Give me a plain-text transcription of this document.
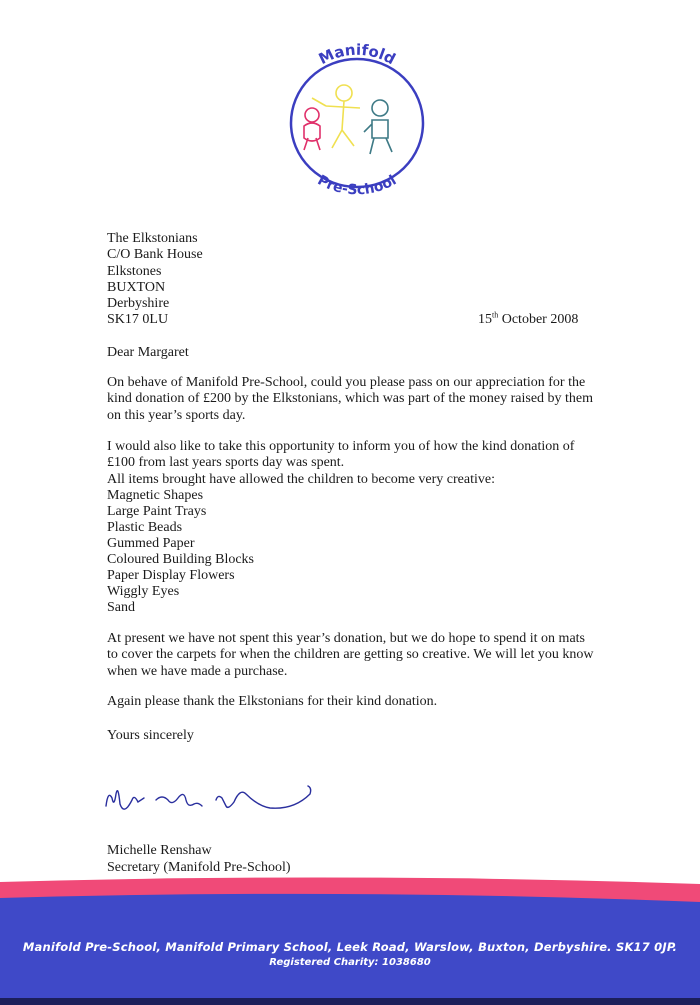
Manifold
Pre-School
The Elkstonians
C/O Bank House
Elkstones
BUXTON
Derbyshire
SK17 0LU	15th October 2008
Dear Margaret
On behave of Manifold Pre-School, could you please pass on our appreciation for the kind donation of £200 by the Elkstonians, which was part of the money raised by them on this year’s sports day.
I would also like to take this opportunity to inform you of how the kind donation of £100 from last years sports day was spent.
All items brought have allowed the children to become very creative:
Magnetic Shapes
Large Paint Trays
Plastic Beads
Gummed Paper
Coloured Building Blocks
Paper Display Flowers
Wiggly Eyes
Sand
At present we have not spent this year’s donation, but we do hope to spend it on mats to cover the carpets for when the children are getting so creative. We will let you know when we have made a purchase.
Again please thank the Elkstonians for their kind donation.
Yours sincerely
Michelle Renshaw
Secretary (Manifold Pre-School)
Manifold Pre-School, Manifold Primary School, Leek Road, Warslow, Buxton, Derbyshire. SK17 0JP.
Registered Charity: 1038680
